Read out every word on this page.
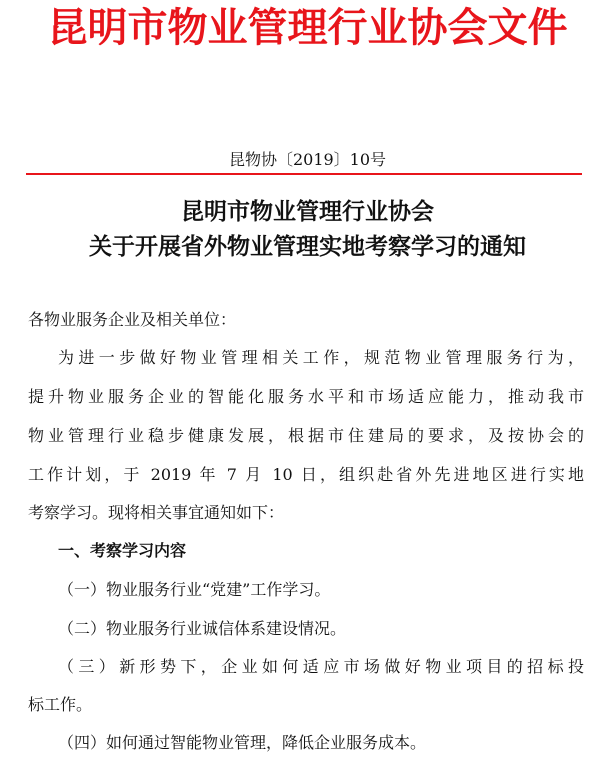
昆明市物业管理行业协会文件
昆物协〔2019〕10号
昆明市物业管理行业协会
关于开展省外物业管理实地考察学习的通知
各物业服务企业及相关单位：
为进一步做好物业管理相关工作，规范物业管理服务行为，
提升物业服务企业的智能化服务水平和市场适应能力，推动我市
物业管理行业稳步健康发展，根据市住建局的要求，及按协会的
工作计划，于 2019 年 7 月 10 日，组织赴省外先进地区进行实地
考察学习。现将相关事宜通知如下：
一、考察学习内容
（一）物业服务行业“党建”工作学习。
（二）物业服务行业诚信体系建设情况。
（三）新形势下，企业如何适应市场做好物业项目的招标投
标工作。
（四）如何通过智能物业管理，降低企业服务成本。
